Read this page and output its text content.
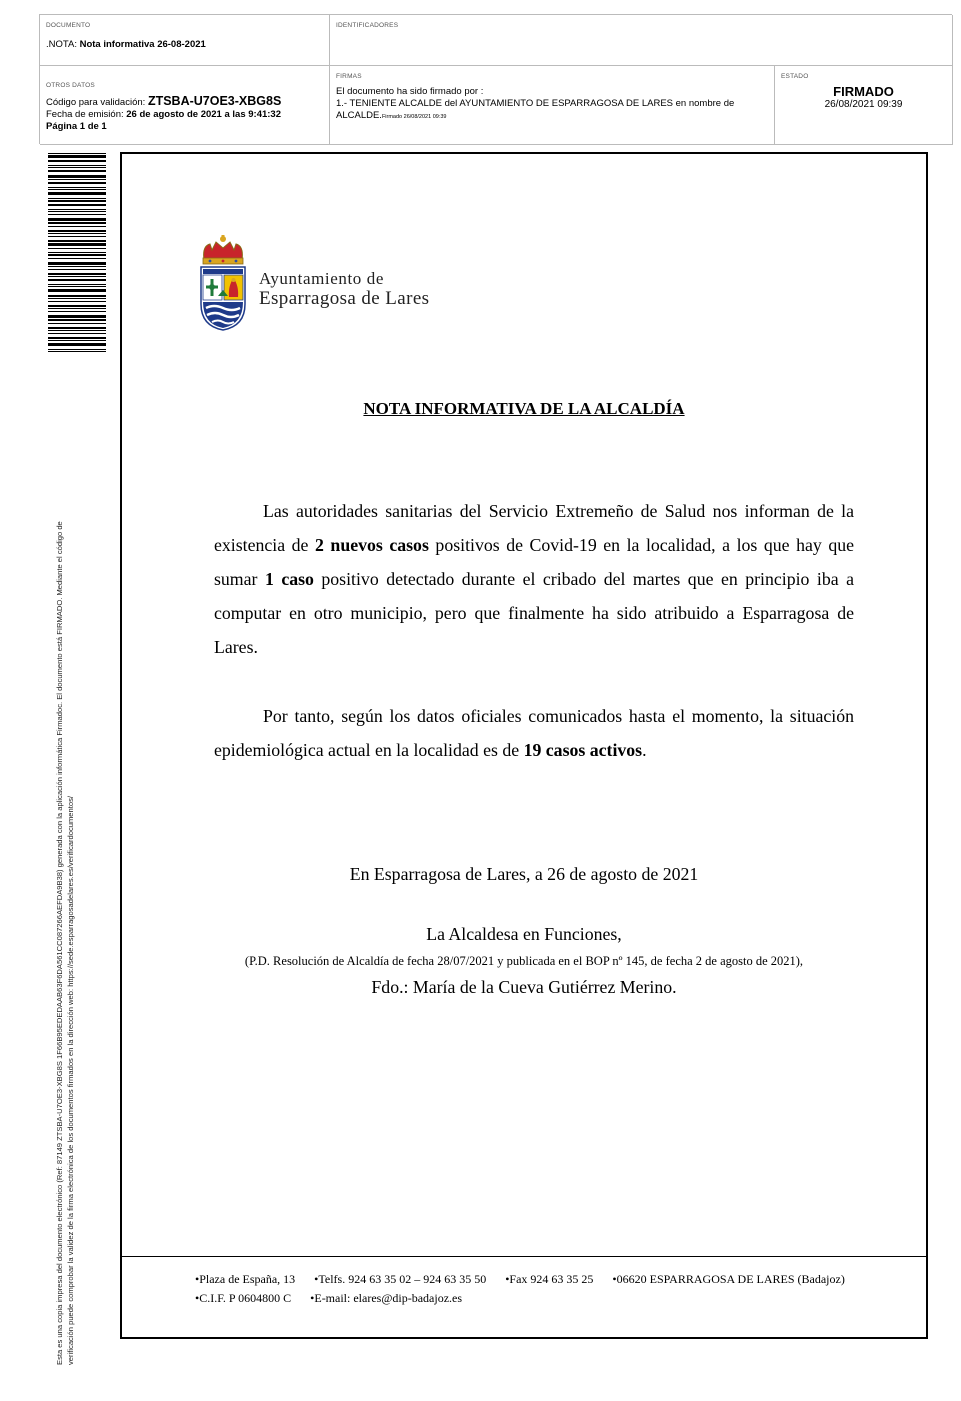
DOCUMENTO
.NOTA: Nota informativa 26-08-2021
IDENTIFICADORES
OTROS DATOS
Código para validación: ZTSBA-U7OE3-XBG8S
Fecha de emisión: 26 de agosto de 2021 a las 9:41:32
Página 1 de 1
FIRMAS
El documento ha sido firmado por :
1.- TENIENTE ALCALDE del AYUNTAMIENTO DE ESPARRAGOSA DE LARES en nombre de
ALCALDE.Firmado 26/08/2021 09:39
ESTADO
FIRMADO
26/08/2021 09:39
Esta es una copia impresa del documento electrónico (Ref: 87149 ZTSBA-U7OE3-XBG8S 1F66B95EDEDAAB63F6DA561CC087266AEFDA9B38) generada con la aplicación informática Firmadoc. El documento está FIRMADO. Mediante el código de verificación puede comprobar la validez de la firma electrónica de los documentos firmados en la dirección web: https://sede.esparragosadelares.es/verificardocumentos/
Ayuntamiento de
Esparragosa de Lares
NOTA INFORMATIVA DE LA ALCALDÍA
Las autoridades sanitarias del Servicio Extremeño de Salud nos informan de la existencia de 2 nuevos casos positivos de Covid-19 en la localidad, a los que hay que sumar 1 caso positivo detectado durante el cribado del martes que en principio iba a computar en otro municipio, pero que finalmente ha sido atribuido a Esparragosa de Lares.
Por tanto, según los datos oficiales comunicados hasta el momento, la situación epidemiológica actual en la localidad es de 19 casos activos.
En Esparragosa de Lares, a 26 de agosto de 2021
La Alcaldesa en Funciones,
(P.D. Resolución de Alcaldía de fecha 28/07/2021 y publicada en el BOP nº 145, de fecha 2 de agosto de 2021),
Fdo.: María de la Cueva Gutiérrez Merino.
•Plaza de España, 13 •Telfs. 924 63 35 02 – 924 63 35 50 •Fax 924 63 35 25 •06620 ESPARRAGOSA DE LARES (Badajoz)
•C.I.F. P 0604800 C •E-mail: elares@dip-badajoz.es
